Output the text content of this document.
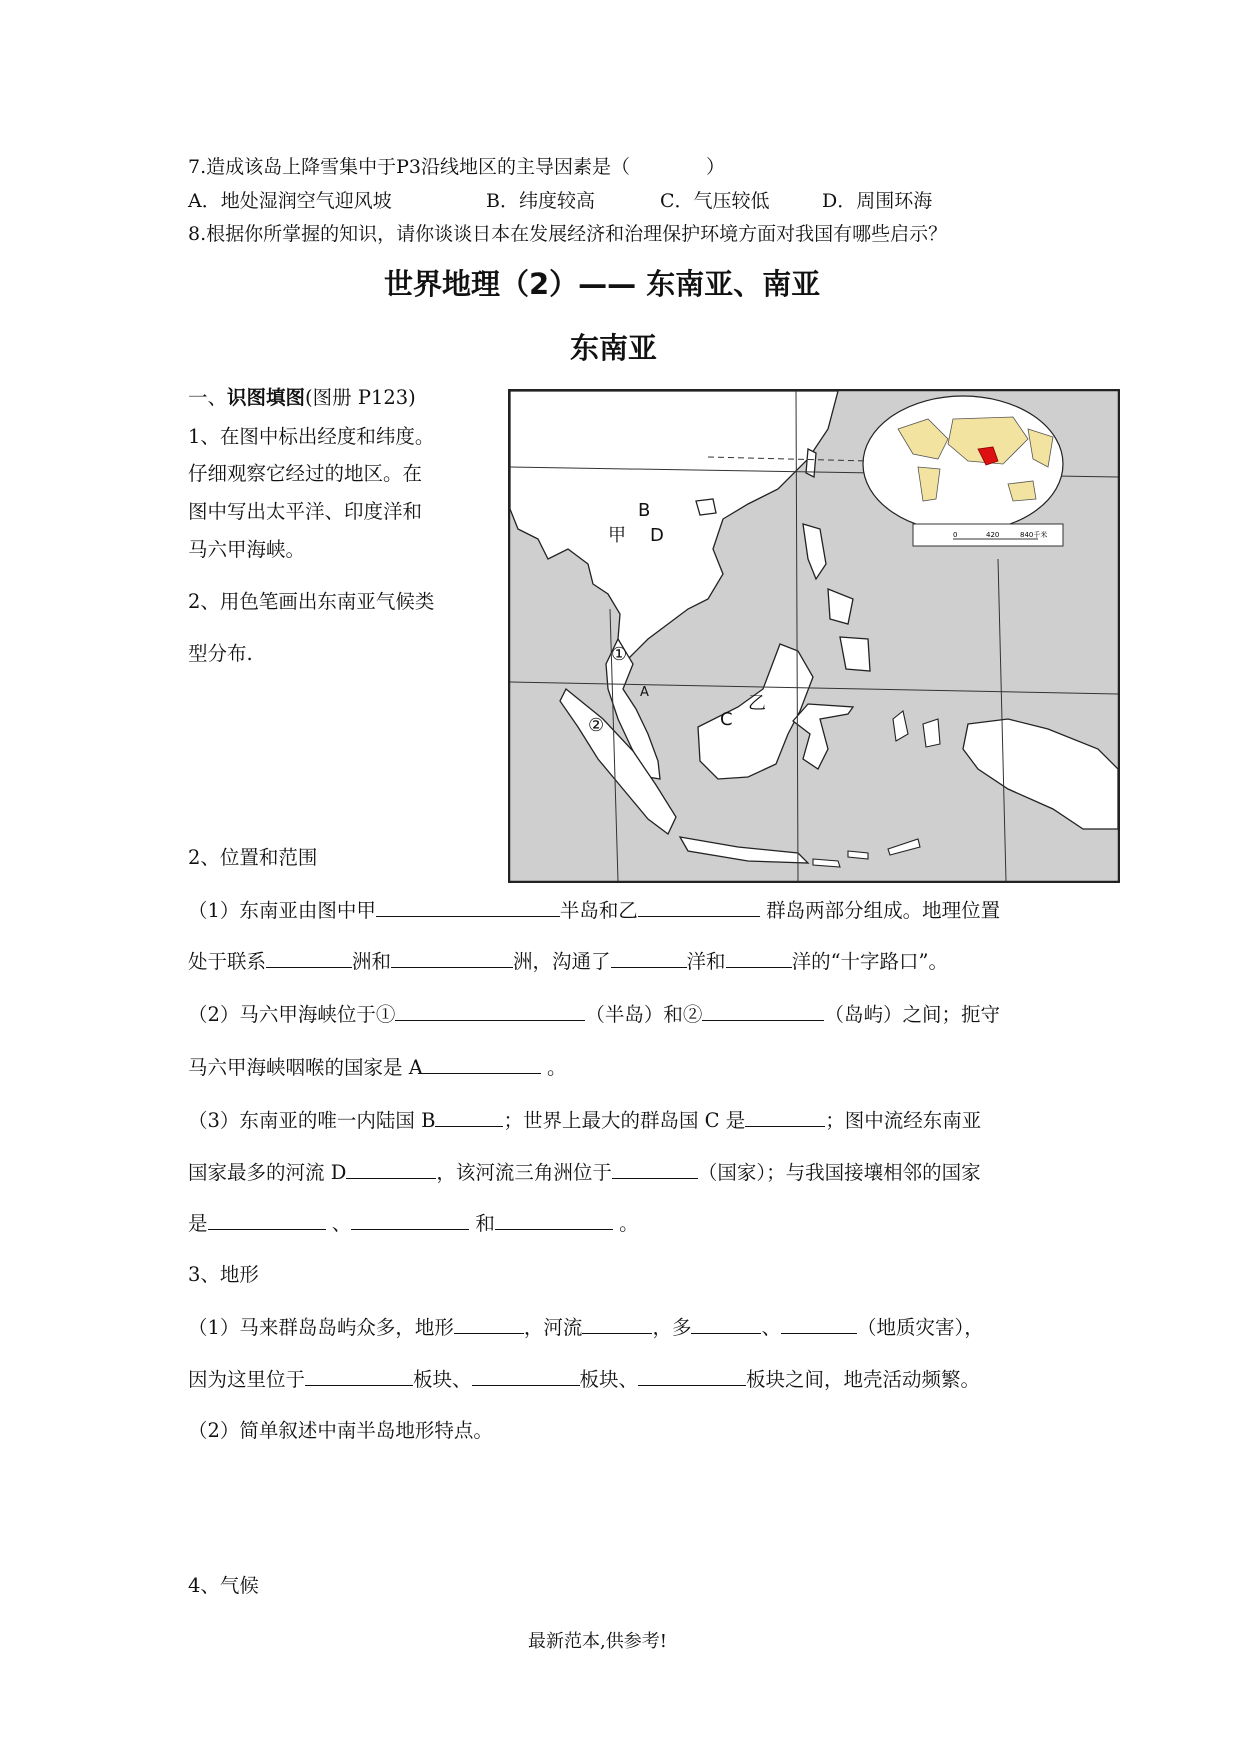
7.造成该岛上降雪集中于P3沿线地区的主导因素是（　　　　）
A．地处湿润空气迎风坡	B．纬度较高	C．气压较低	D．周围环海
8.根据你所掌握的知识，请你谈谈日本在发展经济和治理保护环境方面对我国有哪些启示？
世界地理（2）—— 东南亚、南亚
东南亚
一、识图填图(图册 P123)
1、在图中标出经度和纬度。
仔细观察它经过的地区。在
图中写出太平洋、印度洋和
马六甲海峡。
2、用色笔画出东南亚气候类
型分布.
0	420	840千米
B
甲 D
①
A
②	C
乙
2、位置和范围
（1）东南亚由图中甲	半岛和乙	群岛两部分组成。地理位置
处于联系	洲和	洲，沟通了	洋和	洋的“十字路口”。
（2）马六甲海峡位于①	（半岛）和②	（岛屿）之间；扼守
马六甲海峡咽喉的国家是 A	。
（3）东南亚的唯一内陆国 B	；世界上最大的群岛国 C 是	；图中流经东南亚
国家最多的河流 D	，该河流三角洲位于	（国家）；与我国接壤相邻的国家
是	、	和	。
3、地形
（1）马来群岛岛屿众多，地形	，河流	，多	、	（地质灾害），
因为这里位于	板块、	板块、	板块之间，地壳活动频繁。
（2）简单叙述中南半岛地形特点。
4、气候
最新范本,供参考!
